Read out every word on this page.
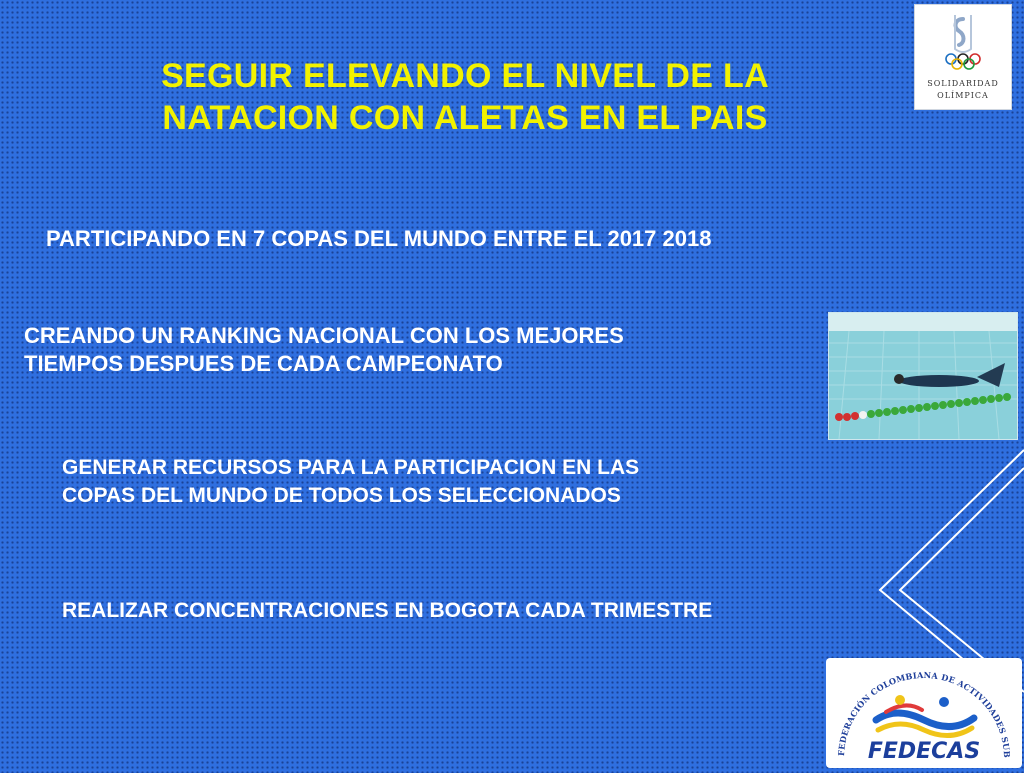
SEGUIR ELEVANDO EL NIVEL DE LA NATACION CON ALETAS EN EL PAIS
PARTICIPANDO EN 7 COPAS DEL MUNDO ENTRE EL 2017 2018
CREANDO UN RANKING NACIONAL CON LOS MEJORES
TIEMPOS DESPUES DE CADA CAMPEONATO
GENERAR RECURSOS PARA LA PARTICIPACION EN LAS
COPAS DEL MUNDO DE TODOS LOS SELECCIONADOS
REALIZAR CONCENTRACIONES EN BOGOTA CADA TRIMESTRE
SOLIDARIDAD
OLÍMPICA
FEDERACIÓN COLOMBIANA DE ACTIVIDADES SUB
FEDECAS
